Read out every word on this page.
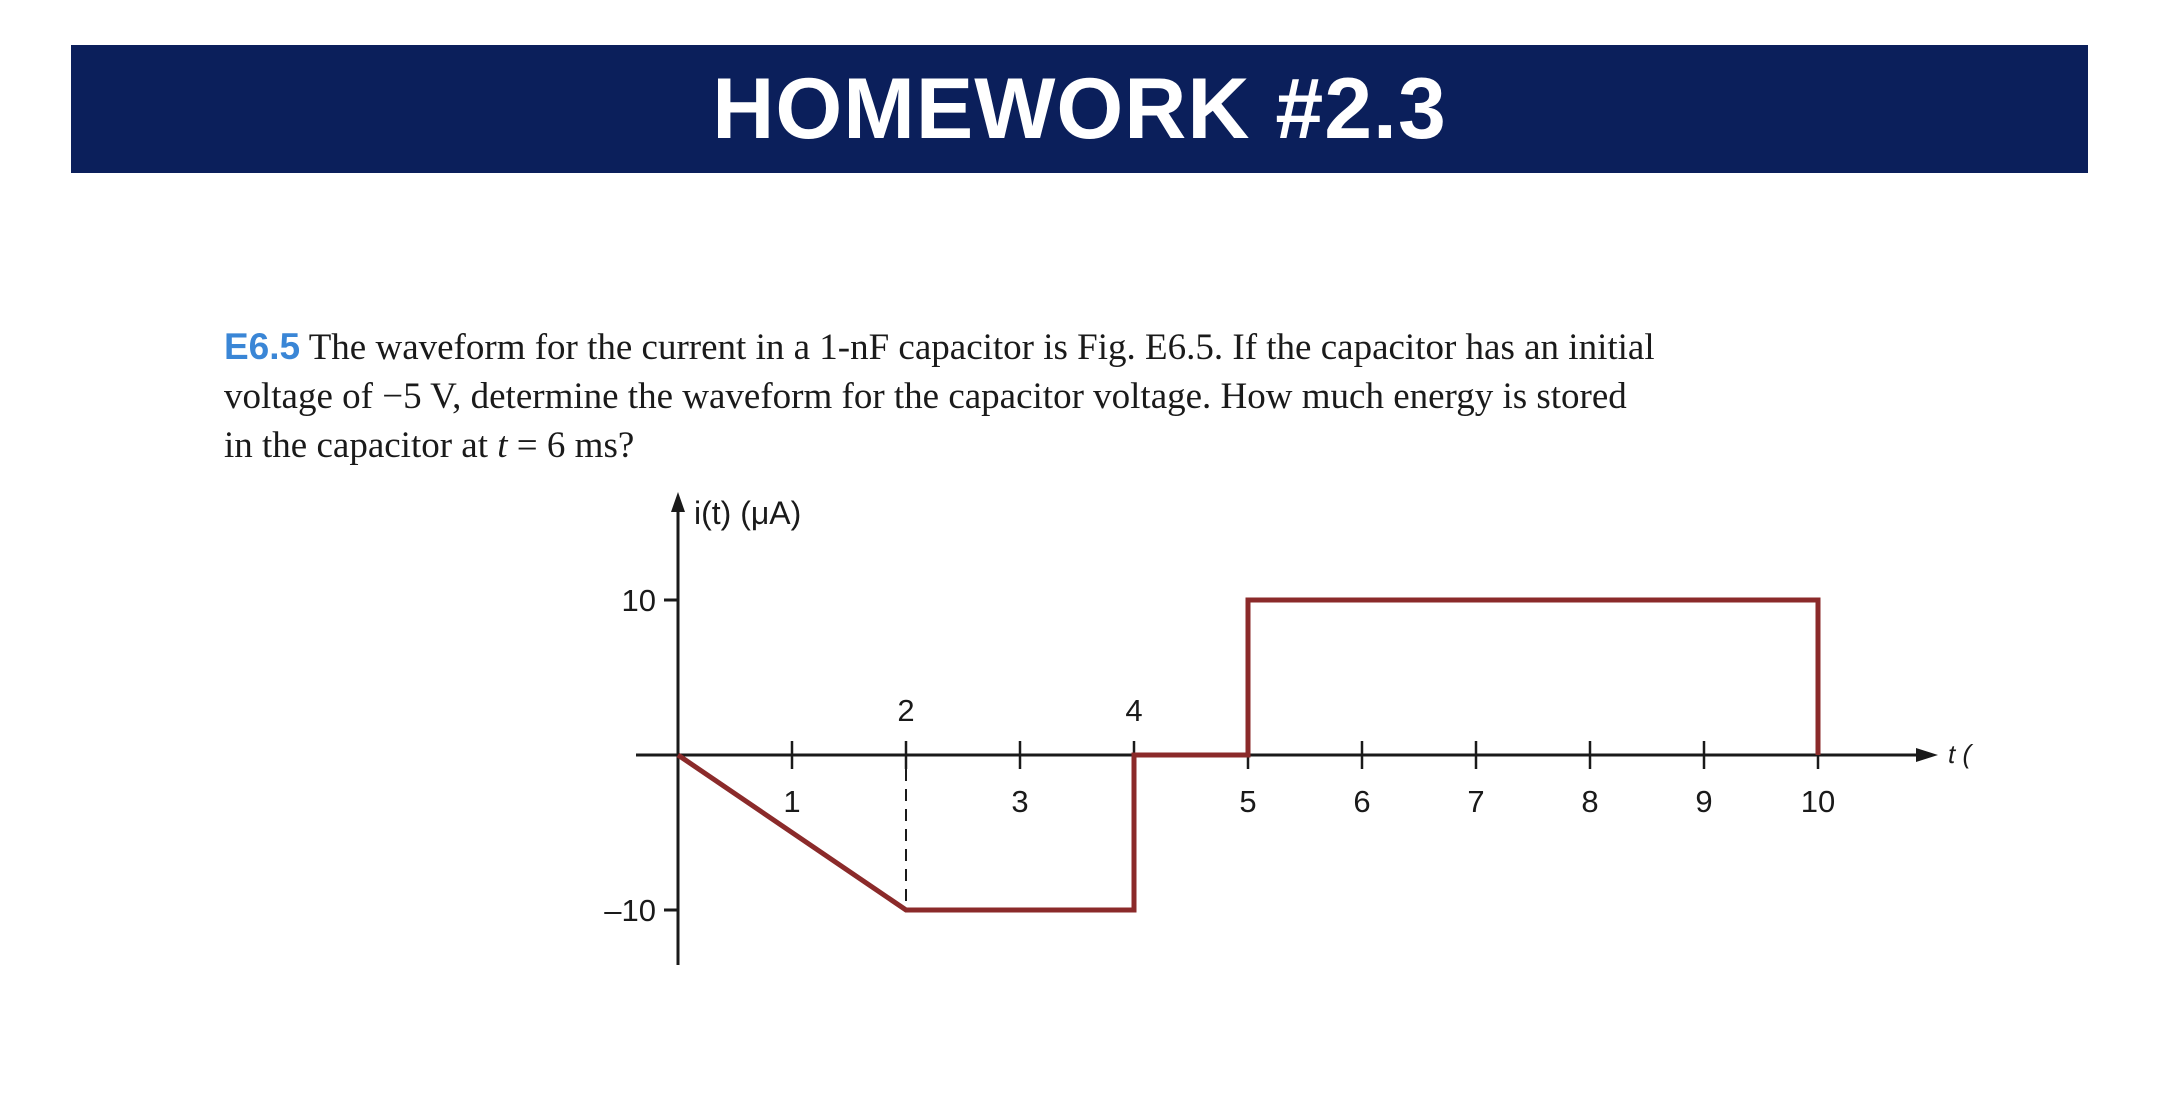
HOMEWORK #2.3
E6.5 The waveform for the current in a 1-nF capacitor is Fig. E6.5. If the capacitor has an initial
voltage of −5 V, determine the waveform for the capacitor voltage. How much energy is stored
in the capacitor at t = 6 ms?
10
–10
1
2
3
4
5	6	7	8	9	10
i(t) (μA)
t (
